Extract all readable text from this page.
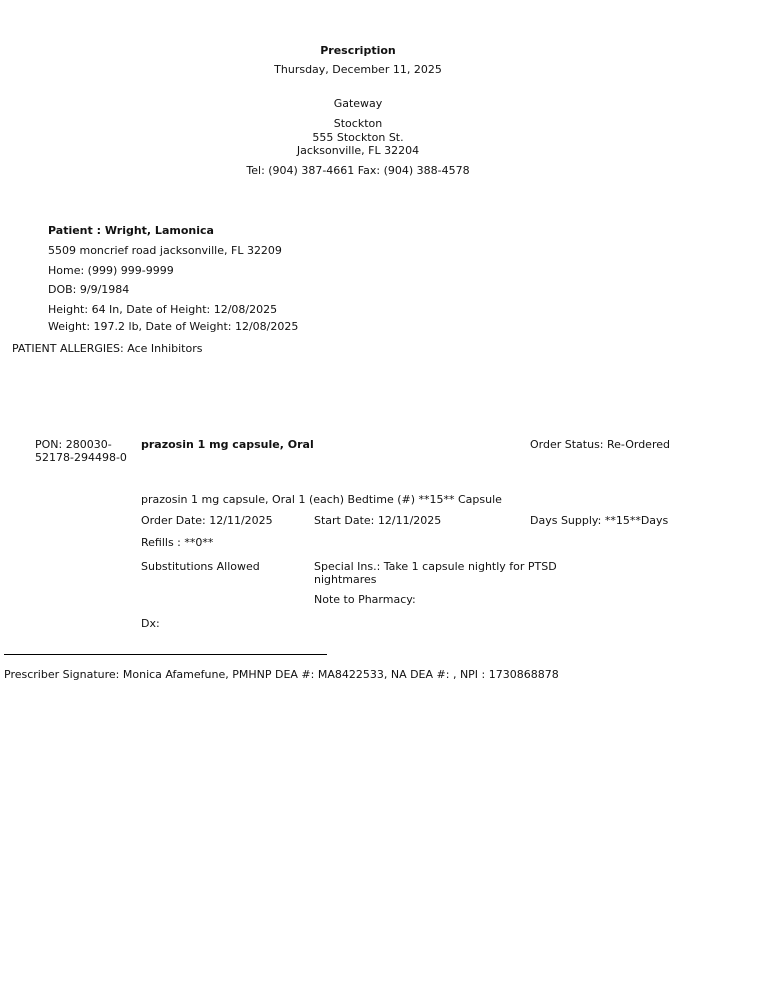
Prescription
Thursday, December 11, 2025
Gateway
Stockton
555 Stockton St.
Jacksonville, FL 32204
Tel: (904) 387-4661 Fax: (904) 388-4578
Patient : Wright, Lamonica
5509 moncrief road jacksonville, FL 32209
Home: (999) 999-9999
DOB: 9/9/1984
Height: 64 In, Date of Height: 12/08/2025
Weight: 197.2 lb, Date of Weight: 12/08/2025
PATIENT ALLERGIES: Ace Inhibitors
PON: 280030-
52178-294498-0
prazosin 1 mg capsule, Oral	Order Status: Re-Ordered
prazosin 1 mg capsule, Oral 1 (each) Bedtime (#) **15** Capsule
Order Date: 12/11/2025	Start Date: 12/11/2025	Days Supply: **15**Days
Refills : **0**
Substitutions Allowed	Special Ins.: Take 1 capsule nightly for PTSD nightmares
Note to Pharmacy:
Dx:
Prescriber Signature: Monica Afamefune, PMHNP DEA #: MA8422533, NA DEA #: , NPI : 1730868878
